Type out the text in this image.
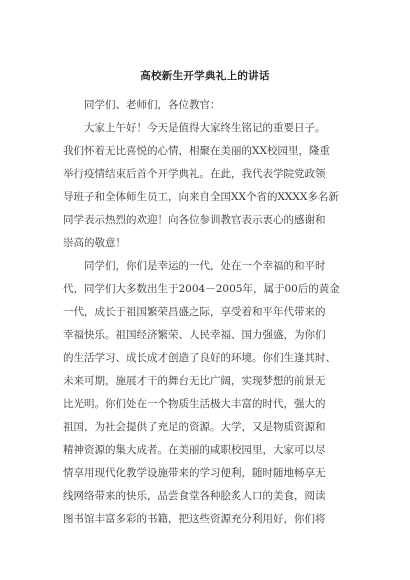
高校新生开学典礼上的讲话

同学们、老师们，各位教官：

大家上午好！今天是值得大家终生铭记的重要日子。

我们怀着无比喜悦的心情，相聚在美丽的XX校园里，隆重

举行疫情结束后首个开学典礼。在此，我代表学院党政领

导班子和全体师生员工，向来自全国XX个省的XXXX多名新

同学表示热烈的欢迎！向各位参训教官表示衷心的感谢和

崇高的敬意！

同学们，你们是幸运的一代，处在一个幸福的和平时

代，同学们大多数出生于2004－2005年，属于00后的黄金

一代，成长于祖国繁荣昌盛之际，享受着和平年代带来的

幸福快乐。祖国经济繁荣、人民幸福、国力强盛，为你们

的生活学习、成长成才创造了良好的环境。你们生逢其时、

未来可期，施展才干的舞台无比广阔，实现梦想的前景无

比光明。你们处在一个物质生活极大丰富的时代，强大的

祖国，为社会提供了充足的资源。大学，又是物质资源和

精神资源的集大成者。在美丽的咸职校园里，大家可以尽

情享用现代化教学设施带来的学习便利，随时随地畅享无

线网络带来的快乐，品尝食堂各种脍炙人口的美食，阅读

图书馆丰富多彩的书籍，把这些资源充分利用好，你们将
